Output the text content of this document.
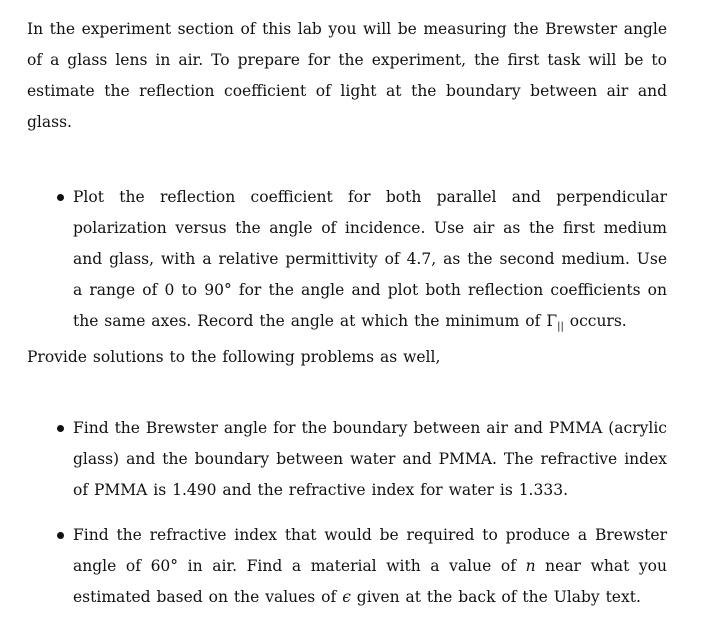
In the experiment section of this lab you will be measuring the Brewster angle of a glass lens in air. To prepare for the experiment, the first task will be to estimate the reflection coefficient of light at the boundary between air and glass.

Plot the reflection coefficient for both parallel and perpendicular polarization versus the angle of incidence. Use air as the first medium and glass, with a relative permittivity of 4.7, as the second medium. Use a range of 0 to 90° for the angle and plot both reflection coefficients on the same axes. Record the angle at which the minimum of $\Gamma_{||}$ occurs.

Provide solutions to the following problems as well,

Find the Brewster angle for the boundary between air and PMMA (acrylic glass) and the boundary between water and PMMA. The refractive index of PMMA is 1.490 and the refractive index for water is 1.333.
Find the refractive index that would be required to produce a Brewster angle of 60° in air. Find a material with a value of n near what you estimated based on the values of ϵ given at the back of the Ulaby text.
